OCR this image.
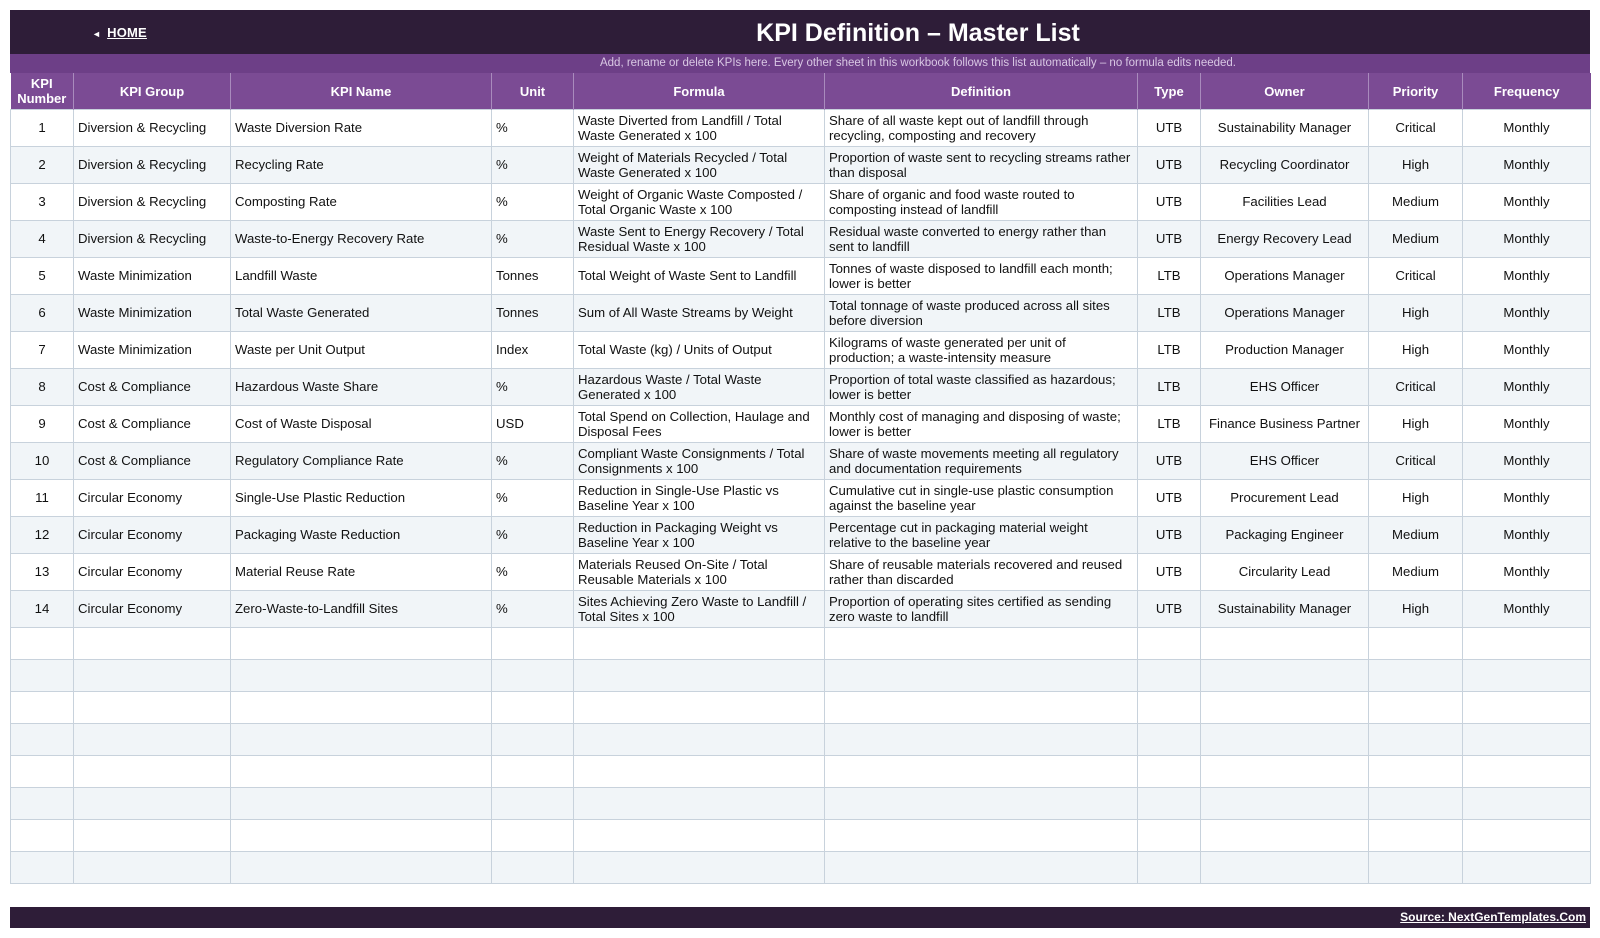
◄ HOME	KPI Definition – Master List
Add, rename or delete KPIs here. Every other sheet in this workbook follows this list automatically – no formula edits needed.
KPI Number	KPI Group	KPI Name	Unit	Formula	Definition	Type	Owner	Priority	Frequency
1	Diversion & Recycling	Waste Diversion Rate	%	Waste Diverted from Landfill / Total Waste Generated x 100	Share of all waste kept out of landfill through recycling, composting and recovery	UTB	Sustainability Manager	Critical	Monthly
2	Diversion & Recycling	Recycling Rate	%	Weight of Materials Recycled / Total Waste Generated x 100	Proportion of waste sent to recycling streams rather than disposal	UTB	Recycling Coordinator	High	Monthly
3	Diversion & Recycling	Composting Rate	%	Weight of Organic Waste Composted / Total Organic Waste x 100	Share of organic and food waste routed to composting instead of landfill	UTB	Facilities Lead	Medium	Monthly
4	Diversion & Recycling	Waste-to-Energy Recovery Rate	%	Waste Sent to Energy Recovery / Total Residual Waste x 100	Residual waste converted to energy rather than sent to landfill	UTB	Energy Recovery Lead	Medium	Monthly
5	Waste Minimization	Landfill Waste	Tonnes	Total Weight of Waste Sent to Landfill	Tonnes of waste disposed to landfill each month; lower is better	LTB	Operations Manager	Critical	Monthly
6	Waste Minimization	Total Waste Generated	Tonnes	Sum of All Waste Streams by Weight	Total tonnage of waste produced across all sites before diversion	LTB	Operations Manager	High	Monthly
7	Waste Minimization	Waste per Unit Output	Index	Total Waste (kg) / Units of Output	Kilograms of waste generated per unit of production; a waste-intensity measure	LTB	Production Manager	High	Monthly
8	Cost & Compliance	Hazardous Waste Share	%	Hazardous Waste / Total Waste Generated x 100	Proportion of total waste classified as hazardous; lower is better	LTB	EHS Officer	Critical	Monthly
9	Cost & Compliance	Cost of Waste Disposal	USD	Total Spend on Collection, Haulage and Disposal Fees	Monthly cost of managing and disposing of waste; lower is better	LTB	Finance Business Partner	High	Monthly
10	Cost & Compliance	Regulatory Compliance Rate	%	Compliant Waste Consignments / Total Consignments x 100	Share of waste movements meeting all regulatory and documentation requirements	UTB	EHS Officer	Critical	Monthly
11	Circular Economy	Single-Use Plastic Reduction	%	Reduction in Single-Use Plastic vs Baseline Year x 100	Cumulative cut in single-use plastic consumption against the baseline year	UTB	Procurement Lead	High	Monthly
12	Circular Economy	Packaging Waste Reduction	%	Reduction in Packaging Weight vs Baseline Year x 100	Percentage cut in packaging material weight relative to the baseline year	UTB	Packaging Engineer	Medium	Monthly
13	Circular Economy	Material Reuse Rate	%	Materials Reused On-Site / Total Reusable Materials x 100	Share of reusable materials recovered and reused rather than discarded	UTB	Circularity Lead	Medium	Monthly
14	Circular Economy	Zero-Waste-to-Landfill Sites	%	Sites Achieving Zero Waste to Landfill / Total Sites x 100	Proportion of operating sites certified as sending zero waste to landfill	UTB	Sustainability Manager	High	Monthly

Source: NextGenTemplates.Com
